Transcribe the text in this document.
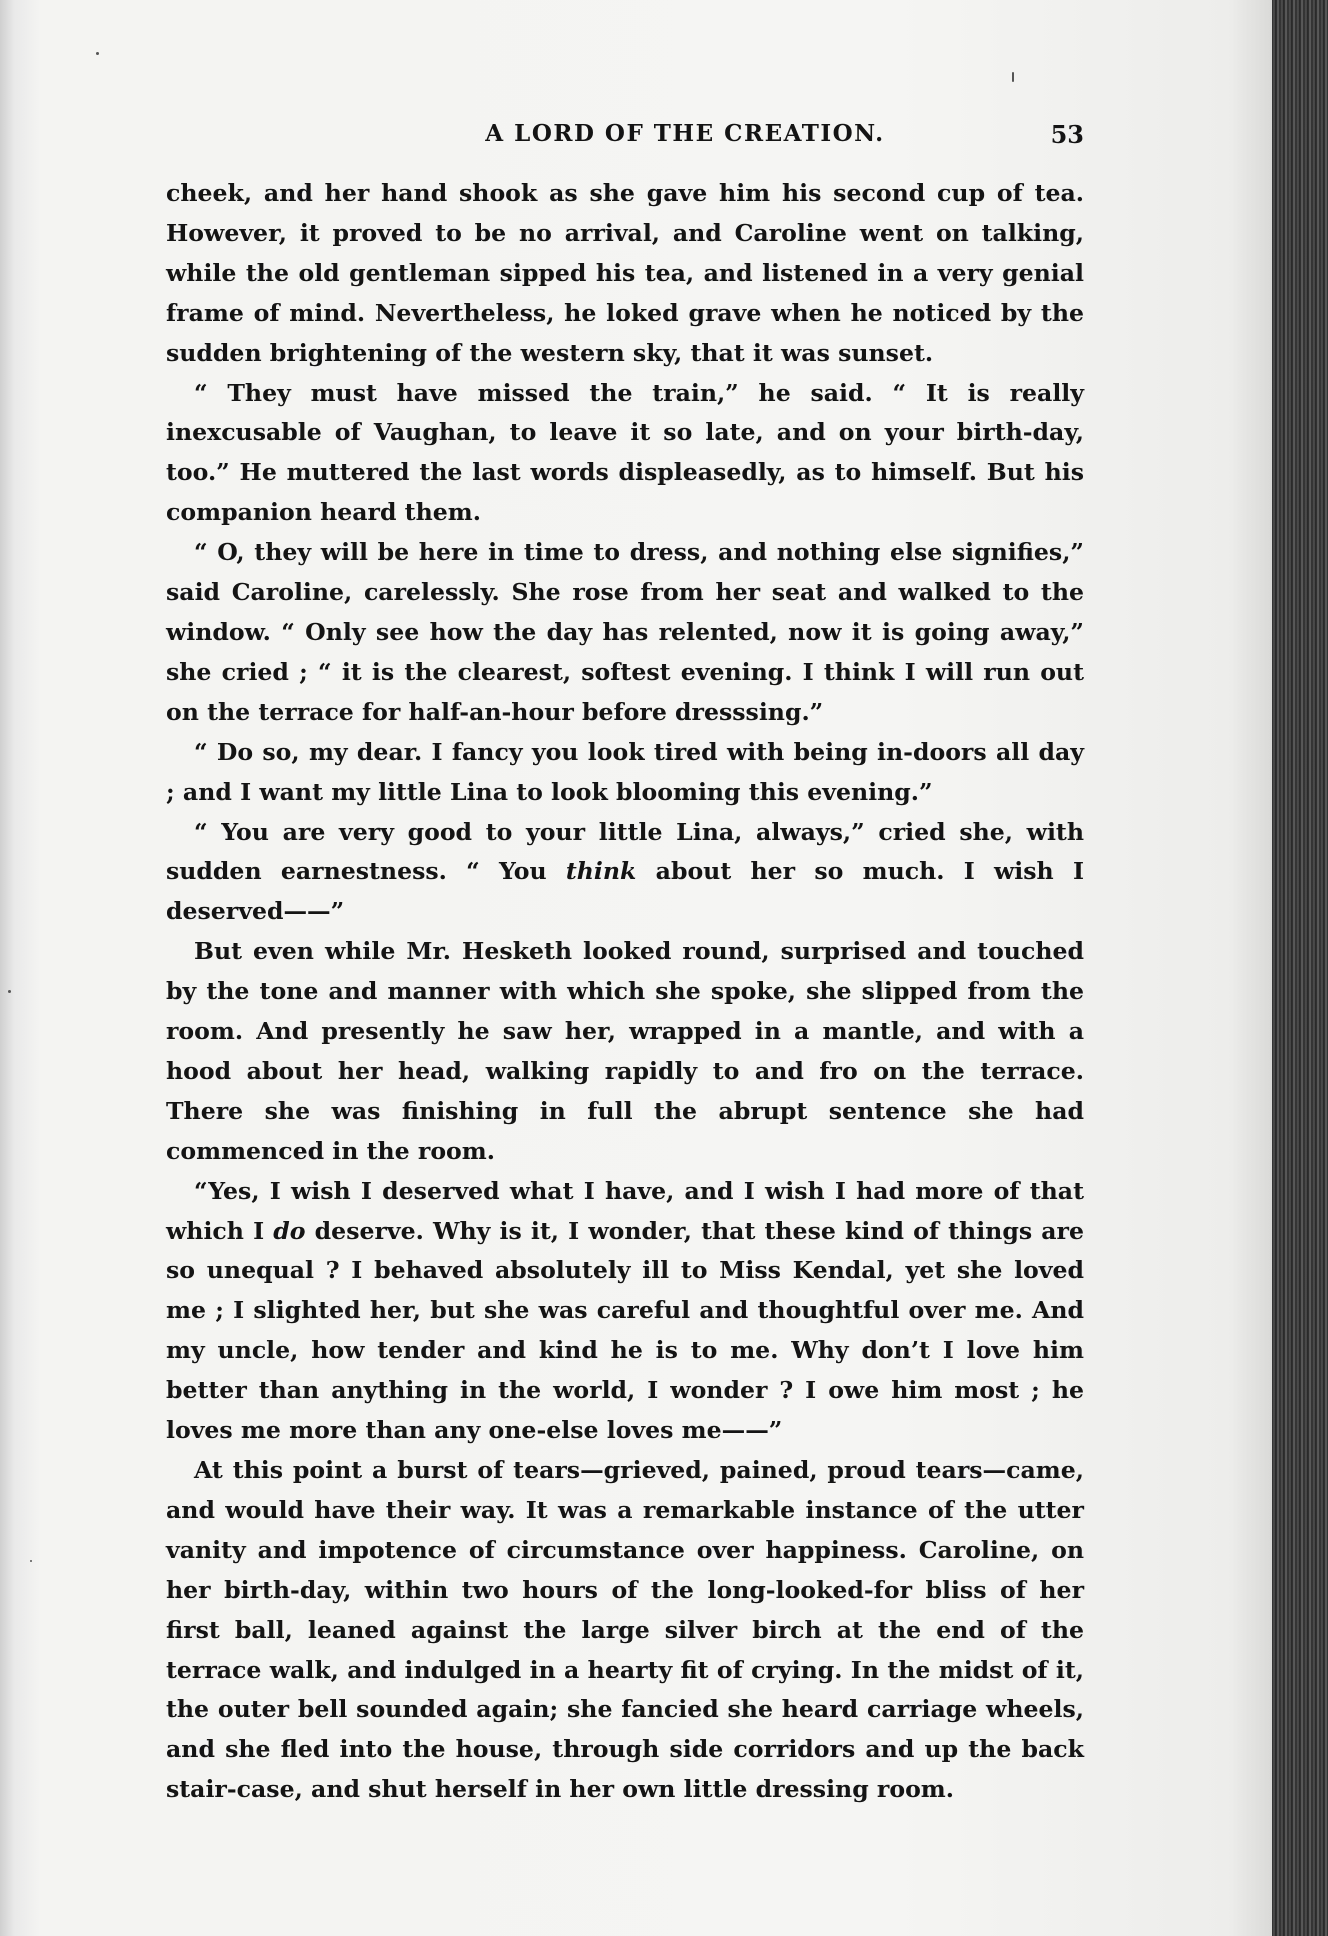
A LORD OF THE CREATION.	53

cheek, and her hand shook as she gave him his second cup of tea. However, it proved to be no arrival, and Caroline went on talking, while the old gentleman sipped his tea, and listened in a very genial frame of mind. Nevertheless, he loked grave when he noticed by the sudden brightening of the western sky, that it was sunset.

“ They must have missed the train,” he said. “ It is really inexcusable of Vaughan, to leave it so late, and on your birth-day, too.” He muttered the last words displeasedly, as to himself. But his companion heard them.

“ O, they will be here in time to dress, and nothing else signifies,” said Caroline, carelessly. She rose from her seat and walked to the window. “ Only see how the day has relented, now it is going away,” she cried ; “ it is the clearest, softest evening. I think I will run out on the terrace for half-an-hour before dresssing.”

“ Do so, my dear. I fancy you look tired with being in-doors all day ; and I want my little Lina to look blooming this evening.”

“ You are very good to your little Lina, always,” cried she, with sudden earnestness. “ You think about her so much. I wish I deserved——”

But even while Mr. Hesketh looked round, surprised and touched by the tone and manner with which she spoke, she slipped from the room. And presently he saw her, wrapped in a mantle, and with a hood about her head, walking rapidly to and fro on the terrace. There she was finishing in full the abrupt sentence she had commenced in the room.

“Yes, I wish I deserved what I have, and I wish I had more of that which I do deserve. Why is it, I wonder, that these kind of things are so unequal ? I behaved absolutely ill to Miss Kendal, yet she loved me ; I slighted her, but she was careful and thoughtful over me. And my uncle, how tender and kind he is to me. Why don’t I love him better than anything in the world, I wonder ? I owe him most ; he loves me more than any one-else loves me——”

At this point a burst of tears—grieved, pained, proud tears—came, and would have their way. It was a remarkable instance of the utter vanity and impotence of circumstance over happiness. Caroline, on her birth-day, within two hours of the long-looked-for bliss of her first ball, leaned against the large silver birch at the end of the terrace walk, and indulged in a hearty fit of crying. In the midst of it, the outer bell sounded again; she fancied she heard carriage wheels, and she fled into the house, through side corridors and up the back stair-case, and shut herself in her own little dressing room.
